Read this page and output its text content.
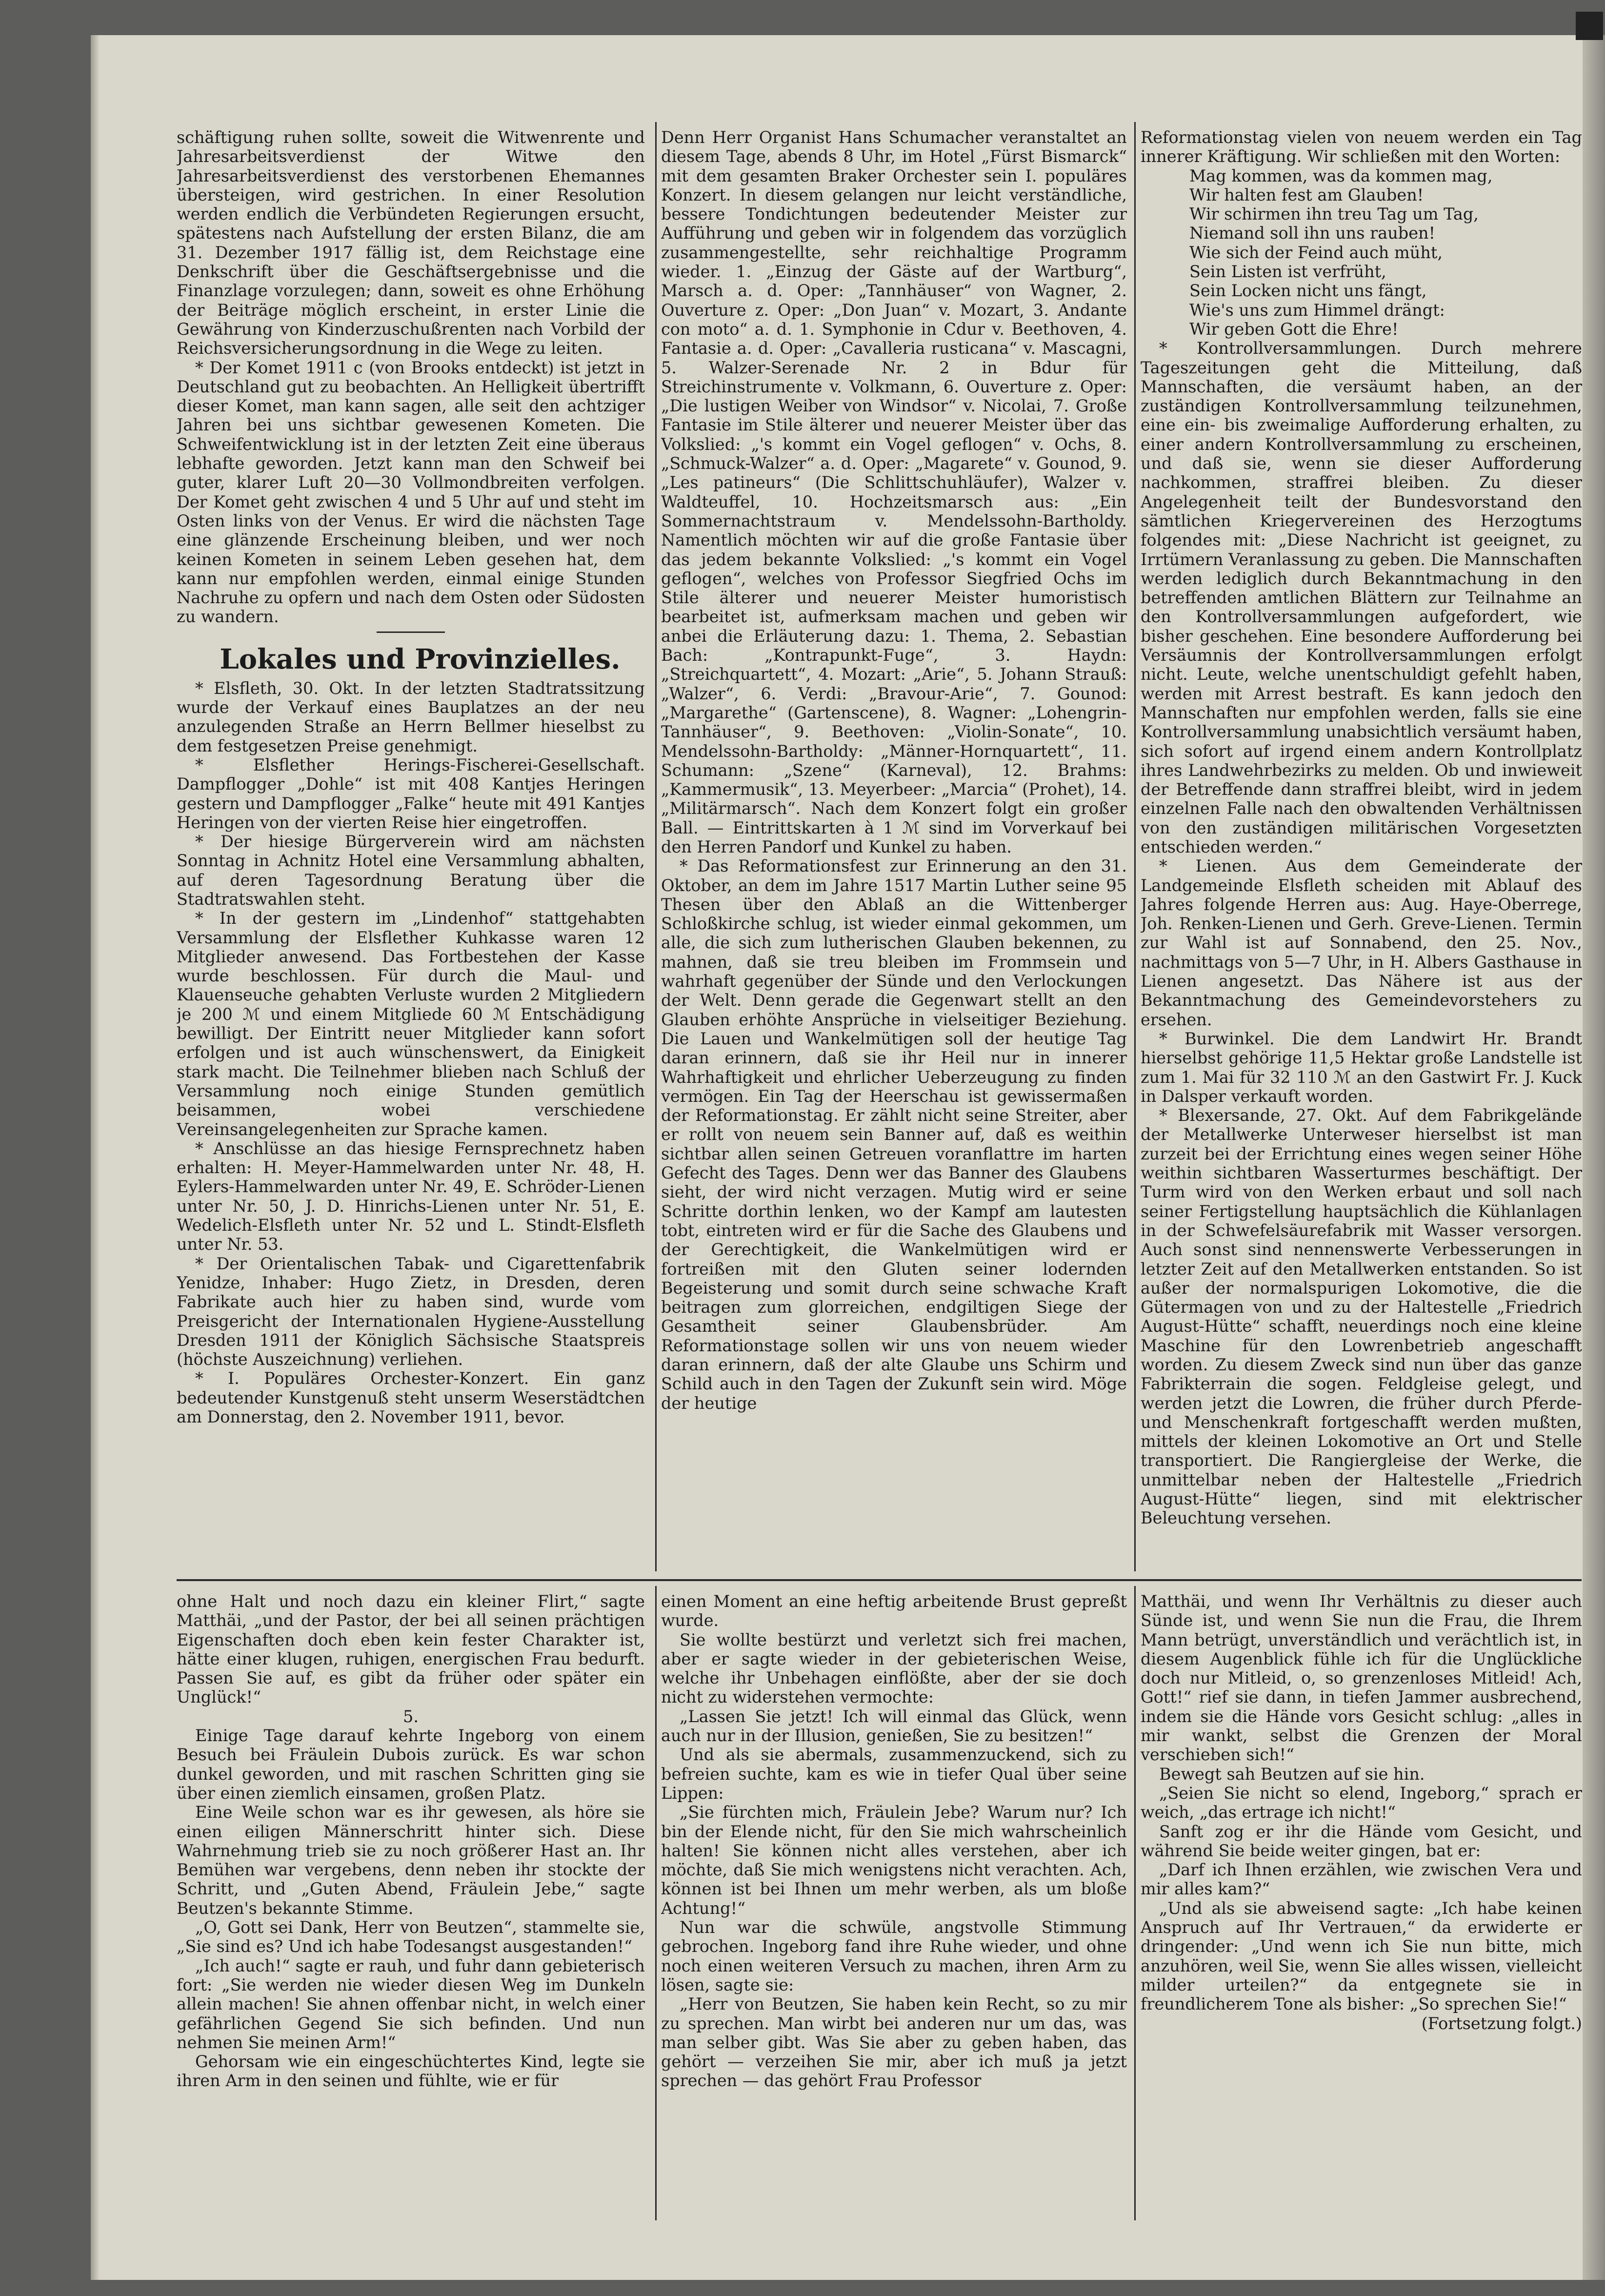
schäftigung ruhen sollte, soweit die Witwenrente und Jahresarbeitsverdienst der Witwe den Jahresarbeitsverdienst des verstorbenen Ehemannes übersteigen, wird gestrichen. In einer Resolution werden endlich die Verbündeten Regierungen ersucht, spätestens nach Aufstellung der ersten Bilanz, die am 31. Dezember 1917 fällig ist, dem Reichstage eine Denkschrift über die Geschäftsergebnisse und die Finanzlage vorzulegen; dann, soweit es ohne Erhöhung der Beiträge möglich erscheint, in erster Linie die Gewährung von Kinderzuschußrenten nach Vorbild der Reichsversicherungsordnung in die Wege zu leiten.

* Der Komet 1911 c (von Brooks entdeckt) ist jetzt in Deutschland gut zu beobachten. An Helligkeit übertrifft dieser Komet, man kann sagen, alle seit den achtziger Jahren bei uns sichtbar gewesenen Kometen. Die Schweifentwicklung ist in der letzten Zeit eine überaus lebhafte geworden. Jetzt kann man den Schweif bei guter, klarer Luft 20—30 Vollmondbreiten verfolgen. Der Komet geht zwischen 4 und 5 Uhr auf und steht im Osten links von der Venus. Er wird die nächsten Tage eine glänzende Erscheinung bleiben, und wer noch keinen Kometen in seinem Leben gesehen hat, dem kann nur empfohlen werden, einmal einige Stunden Nachruhe zu opfern und nach dem Osten oder Südosten zu wandern.

Lokales und Provinzielles.

* Elsfleth, 30. Okt. In der letzten Stadtratssitzung wurde der Verkauf eines Bauplatzes an der neu anzulegenden Straße an Herrn Bellmer hieselbst zu dem festgesetzen Preise genehmigt.

* Elsflether Herings-Fischerei-Gesellschaft. Dampflogger „Dohle“ ist mit 408 Kantjes Heringen gestern und Dampflogger „Falke“ heute mit 491 Kantjes Heringen von der vierten Reise hier eingetroffen.

* Der hiesige Bürgerverein wird am nächsten Sonntag in Achnitz Hotel eine Versammlung abhalten, auf deren Tagesordnung Beratung über die Stadtratswahlen steht.

* In der gestern im „Lindenhof“ stattgehabten Versammlung der Elsflether Kuhkasse waren 12 Mitglieder anwesend. Das Fortbestehen der Kasse wurde beschlossen. Für durch die Maul- und Klauenseuche gehabten Verluste wurden 2 Mitgliedern je 200 ℳ und einem Mitgliede 60 ℳ Entschädigung bewilligt. Der Eintritt neuer Mitglieder kann sofort erfolgen und ist auch wünschenswert, da Einigkeit stark macht. Die Teilnehmer blieben nach Schluß der Versammlung noch einige Stunden gemütlich beisammen, wobei verschiedene Vereinsangelegenheiten zur Sprache kamen.

* Anschlüsse an das hiesige Fernsprechnetz haben erhalten: H. Meyer-Hammelwarden unter Nr. 48, H. Eylers-Hammelwarden unter Nr. 49, E. Schröder-Lienen unter Nr. 50, J. D. Hinrichs-Lienen unter Nr. 51, E. Wedelich-Elsfleth unter Nr. 52 und L. Stindt-Elsfleth unter Nr. 53.

* Der Orientalischen Tabak- und Cigarettenfabrik Yenidze, Inhaber: Hugo Zietz, in Dresden, deren Fabrikate auch hier zu haben sind, wurde vom Preisgericht der Internationalen Hygiene-Ausstellung Dresden 1911 der Königlich Sächsische Staatspreis (höchste Auszeichnung) verliehen.

* I. Populäres Orchester-Konzert. Ein ganz bedeutender Kunstgenuß steht unserm Weserstädtchen am Donnerstag, den 2. November 1911, bevor.

Denn Herr Organist Hans Schumacher veranstaltet an diesem Tage, abends 8 Uhr, im Hotel „Fürst Bismarck“ mit dem gesamten Braker Orchester sein I. populäres Konzert. In diesem gelangen nur leicht verständliche, bessere Tondichtungen bedeutender Meister zur Aufführung und geben wir in folgendem das vorzüglich zusammengestellte, sehr reichhaltige Programm wieder. 1. „Einzug der Gäste auf der Wartburg“, Marsch a. d. Oper: „Tannhäuser“ von Wagner, 2. Ouverture z. Oper: „Don Juan“ v. Mozart, 3. Andante con moto“ a. d. 1. Symphonie in Cdur v. Beethoven, 4. Fantasie a. d. Oper: „Cavalleria rusticana“ v. Mascagni, 5. Walzer-Serenade Nr. 2 in Bdur für Streichinstrumente v. Volkmann, 6. Ouverture z. Oper: „Die lustigen Weiber von Windsor“ v. Nicolai, 7. Große Fantasie im Stile älterer und neuerer Meister über das Volkslied: „'s kommt ein Vogel geflogen“ v. Ochs, 8. „Schmuck-Walzer“ a. d. Oper: „Magarete“ v. Gounod, 9. „Les patineurs“ (Die Schlittschuhläufer), Walzer v. Waldteuffel, 10. Hochzeitsmarsch aus: „Ein Sommernachtstraum v. Mendelssohn-Bartholdy. Namentlich möchten wir auf die große Fantasie über das jedem bekannte Volkslied: „'s kommt ein Vogel geflogen“, welches von Professor Siegfried Ochs im Stile älterer und neuerer Meister humoristisch bearbeitet ist, aufmerksam machen und geben wir anbei die Erläuterung dazu: 1. Thema, 2. Sebastian Bach: „Kontrapunkt-Fuge“, 3. Haydn: „Streichquartett“, 4. Mozart: „Arie“, 5. Johann Strauß: „Walzer“, 6. Verdi: „Bravour-Arie“, 7. Gounod: „Margarethe“ (Gartenscene), 8. Wagner: „Lohengrin-Tannhäuser“, 9. Beethoven: „Violin-Sonate“, 10. Mendelssohn-Bartholdy: „Männer-Hornquartett“, 11. Schumann: „Szene“ (Karneval), 12. Brahms: „Kammermusik“, 13. Meyerbeer: „Marcia“ (Prohet), 14. „Militärmarsch“. Nach dem Konzert folgt ein großer Ball. — Eintrittskarten à 1 ℳ sind im Vorverkauf bei den Herren Pandorf und Kunkel zu haben.

* Das Reformationsfest zur Erinnerung an den 31. Oktober, an dem im Jahre 1517 Martin Luther seine 95 Thesen über den Ablaß an die Wittenberger Schloßkirche schlug, ist wieder einmal gekommen, um alle, die sich zum lutherischen Glauben bekennen, zu mahnen, daß sie treu bleiben im Frommsein und wahrhaft gegenüber der Sünde und den Verlockungen der Welt. Denn gerade die Gegenwart stellt an den Glauben erhöhte Ansprüche in vielseitiger Beziehung. Die Lauen und Wankelmütigen soll der heutige Tag daran erinnern, daß sie ihr Heil nur in innerer Wahrhaftigkeit und ehrlicher Ueberzeugung zu finden vermögen. Ein Tag der Heerschau ist gewissermaßen der Reformationstag. Er zählt nicht seine Streiter, aber er rollt von neuem sein Banner auf, daß es weithin sichtbar allen seinen Getreuen voranflattre im harten Gefecht des Tages. Denn wer das Banner des Glaubens sieht, der wird nicht verzagen. Mutig wird er seine Schritte dorthin lenken, wo der Kampf am lautesten tobt, eintreten wird er für die Sache des Glaubens und der Gerechtigkeit, die Wankelmütigen wird er fortreißen mit den Gluten seiner lodernden Begeisterung und somit durch seine schwache Kraft beitragen zum glorreichen, endgiltigen Siege der Gesamtheit seiner Glaubensbrüder. Am Reformationstage sollen wir uns von neuem wieder daran erinnern, daß der alte Glaube uns Schirm und Schild auch in den Tagen der Zukunft sein wird. Möge der heutige

Reformationstag vielen von neuem werden ein Tag innerer Kräftigung. Wir schließen mit den Worten:

Mag kommen, was da kommen mag,

Wir halten fest am Glauben!

Wir schirmen ihn treu Tag um Tag,

Niemand soll ihn uns rauben!

Wie sich der Feind auch müht,

Sein Listen ist verfrüht,

Sein Locken nicht uns fängt,

Wie's uns zum Himmel drängt:

Wir geben Gott die Ehre!

* Kontrollversammlungen. Durch mehrere Tageszeitungen geht die Mitteilung, daß Mannschaften, die versäumt haben, an der zuständigen Kontrollversammlung teilzunehmen, eine ein- bis zweimalige Aufforderung erhalten, zu einer andern Kontrollversammlung zu erscheinen, und daß sie, wenn sie dieser Aufforderung nachkommen, straffrei bleiben. Zu dieser Angelegenheit teilt der Bundesvorstand den sämtlichen Kriegervereinen des Herzogtums folgendes mit: „Diese Nachricht ist geeignet, zu Irrtümern Veranlassung zu geben. Die Mannschaften werden lediglich durch Bekanntmachung in den betreffenden amtlichen Blättern zur Teilnahme an den Kontrollversammlungen aufgefordert, wie bisher geschehen. Eine besondere Aufforderung bei Versäumnis der Kontrollversammlungen erfolgt nicht. Leute, welche unentschuldigt gefehlt haben, werden mit Arrest bestraft. Es kann jedoch den Mannschaften nur empfohlen werden, falls sie eine Kontrollversammlung unabsichtlich versäumt haben, sich sofort auf irgend einem andern Kontrollplatz ihres Landwehrbezirks zu melden. Ob und inwieweit der Betreffende dann straffrei bleibt, wird in jedem einzelnen Falle nach den obwaltenden Verhältnissen von den zuständigen militärischen Vorgesetzten entschieden werden.“

* Lienen. Aus dem Gemeinderate der Landgemeinde Elsfleth scheiden mit Ablauf des Jahres folgende Herren aus: Aug. Haye-Oberrege, Joh. Renken-Lienen und Gerh. Greve-Lienen. Termin zur Wahl ist auf Sonnabend, den 25. Nov., nachmittags von 5—7 Uhr, in H. Albers Gasthause in Lienen angesetzt. Das Nähere ist aus der Bekanntmachung des Gemeindevorstehers zu ersehen.

* Burwinkel. Die dem Landwirt Hr. Brandt hierselbst gehörige 11,5 Hektar große Landstelle ist zum 1. Mai für 32 110 ℳ an den Gastwirt Fr. J. Kuck in Dalsper verkauft worden.

* Blexersande, 27. Okt. Auf dem Fabrikgelände der Metallwerke Unterweser hierselbst ist man zurzeit bei der Errichtung eines wegen seiner Höhe weithin sichtbaren Wasserturmes beschäftigt. Der Turm wird von den Werken erbaut und soll nach seiner Fertigstellung hauptsächlich die Kühlanlagen in der Schwefelsäurefabrik mit Wasser versorgen. Auch sonst sind nennenswerte Verbesserungen in letzter Zeit auf den Metallwerken entstanden. So ist außer der normalspurigen Lokomotive, die die Gütermagen von und zu der Haltestelle „Friedrich August-Hütte“ schafft, neuerdings noch eine kleine Maschine für den Lowrenbetrieb angeschafft worden. Zu diesem Zweck sind nun über das ganze Fabrikterrain die sogen. Feldgleise gelegt, und werden jetzt die Lowren, die früher durch Pferde- und Menschenkraft fortgeschafft werden mußten, mittels der kleinen Lokomotive an Ort und Stelle transportiert. Die Rangiergleise der Werke, die unmittelbar neben der Haltestelle „Friedrich August-Hütte“ liegen, sind mit elektrischer Beleuchtung versehen.

ohne Halt und noch dazu ein kleiner Flirt,“ sagte Matthäi, „und der Pastor, der bei all seinen prächtigen Eigenschaften doch eben kein fester Charakter ist, hätte einer klugen, ruhigen, energischen Frau bedurft. Passen Sie auf, es gibt da früher oder später ein Unglück!“

5.

Einige Tage darauf kehrte Ingeborg von einem Besuch bei Fräulein Dubois zurück. Es war schon dunkel geworden, und mit raschen Schritten ging sie über einen ziemlich einsamen, großen Platz.

Eine Weile schon war es ihr gewesen, als höre sie einen eiligen Männerschritt hinter sich. Diese Wahrnehmung trieb sie zu noch größerer Hast an. Ihr Bemühen war vergebens, denn neben ihr stockte der Schritt, und „Guten Abend, Fräulein Jebe,“ sagte Beutzen's bekannte Stimme.

„O, Gott sei Dank, Herr von Beutzen“, stammelte sie, „Sie sind es? Und ich habe Todesangst ausgestanden!“

„Ich auch!“ sagte er rauh, und fuhr dann gebieterisch fort: „Sie werden nie wieder diesen Weg im Dunkeln allein machen! Sie ahnen offenbar nicht, in welch einer gefährlichen Gegend Sie sich befinden. Und nun nehmen Sie meinen Arm!“

Gehorsam wie ein eingeschüchtertes Kind, legte sie ihren Arm in den seinen und fühlte, wie er für

einen Moment an eine heftig arbeitende Brust gepreßt wurde.

Sie wollte bestürzt und verletzt sich frei machen, aber er sagte wieder in der gebieterischen Weise, welche ihr Unbehagen einflößte, aber der sie doch nicht zu widerstehen vermochte:

„Lassen Sie jetzt! Ich will einmal das Glück, wenn auch nur in der Illusion, genießen, Sie zu besitzen!“

Und als sie abermals, zusammenzuckend, sich zu befreien suchte, kam es wie in tiefer Qual über seine Lippen:

„Sie fürchten mich, Fräulein Jebe? Warum nur? Ich bin der Elende nicht, für den Sie mich wahrscheinlich halten! Sie können nicht alles verstehen, aber ich möchte, daß Sie mich wenigstens nicht verachten. Ach, können ist bei Ihnen um mehr werben, als um bloße Achtung!“

Nun war die schwüle, angstvolle Stimmung gebrochen. Ingeborg fand ihre Ruhe wieder, und ohne noch einen weiteren Versuch zu machen, ihren Arm zu lösen, sagte sie:

„Herr von Beutzen, Sie haben kein Recht, so zu mir zu sprechen. Man wirbt bei anderen nur um das, was man selber gibt. Was Sie aber zu geben haben, das gehört — verzeihen Sie mir, aber ich muß ja jetzt sprechen — das gehört Frau Professor

Matthäi, und wenn Ihr Verhältnis zu dieser auch Sünde ist, und wenn Sie nun die Frau, die Ihrem Mann betrügt, unverständlich und verächtlich ist, in diesem Augenblick fühle ich für die Unglückliche doch nur Mitleid, o, so grenzenloses Mitleid! Ach, Gott!“ rief sie dann, in tiefen Jammer ausbrechend, indem sie die Hände vors Gesicht schlug: „alles in mir wankt, selbst die Grenzen der Moral verschieben sich!“

Bewegt sah Beutzen auf sie hin.

„Seien Sie nicht so elend, Ingeborg,“ sprach er weich, „das ertrage ich nicht!“

Sanft zog er ihr die Hände vom Gesicht, und während Sie beide weiter gingen, bat er:

„Darf ich Ihnen erzählen, wie zwischen Vera und mir alles kam?“

„Und als sie abweisend sagte: „Ich habe keinen Anspruch auf Ihr Vertrauen,“ da erwiderte er dringender: „Und wenn ich Sie nun bitte, mich anzuhören, weil Sie, wenn Sie alles wissen, vielleicht milder urteilen?“ da entgegnete sie in freundlicherem Tone als bisher: „So sprechen Sie!“

(Fortsetzung folgt.)
